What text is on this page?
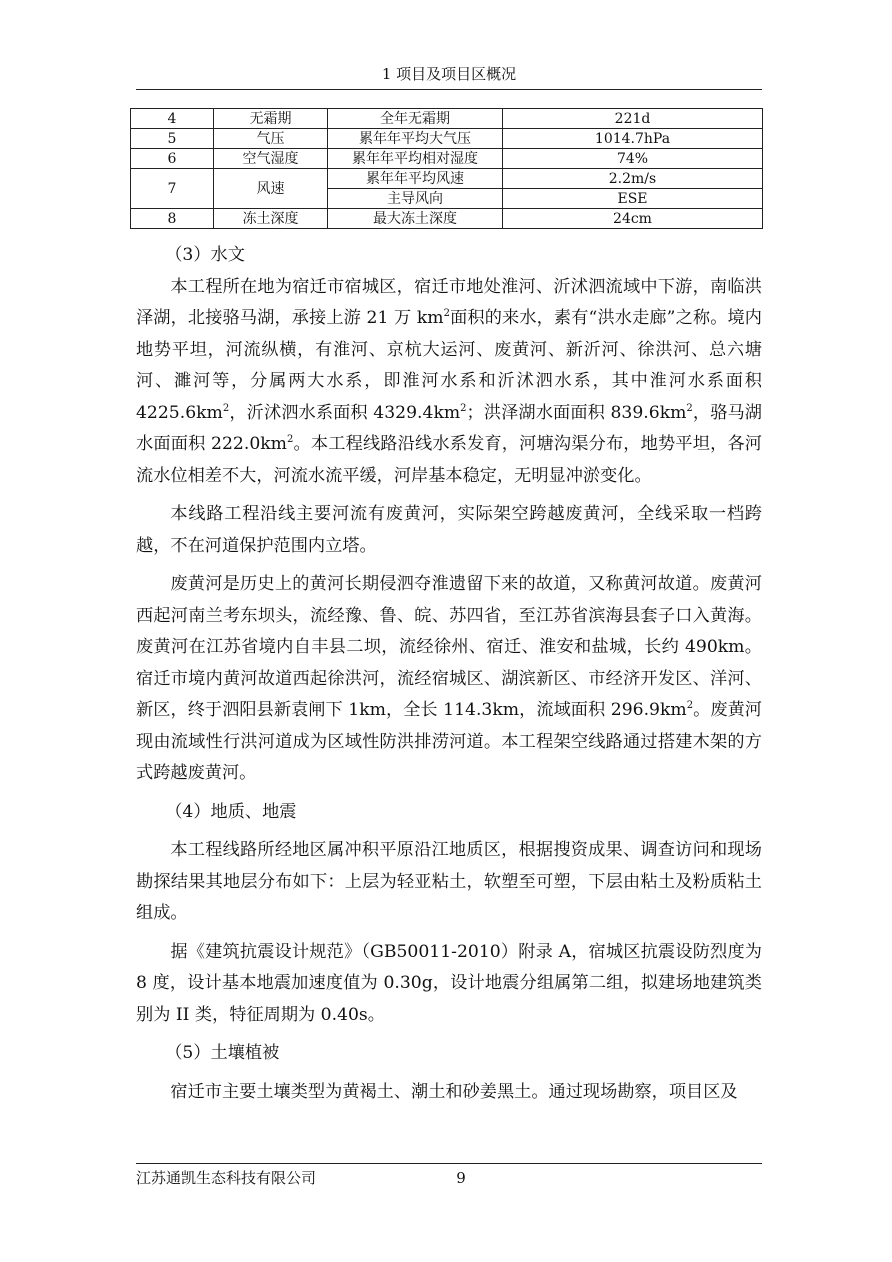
1 项目及项目区概况
4	无霜期	全年无霜期	221d
5	气压	累年年平均大气压	1014.7hPa
6	空气湿度	累年年平均相对湿度	74%
7	风速	累年年平均风速	2.2m/s
		主导风向	ESE
8	冻土深度	最大冻土深度	24cm

（3）水文

本工程所在地为宿迁市宿城区，宿迁市地处淮河、沂沭泗流域中下游，南临洪泽湖，北接骆马湖，承接上游 21 万 $km^2$面积的来水，素有“洪水走廊”之称。境内地势平坦，河流纵横，有淮河、京杭大运河、废黄河、新沂河、徐洪河、总六塘河、濉河等，分属两大水系，即淮河水系和沂沭泗水系，其中淮河水系面积 $4225.6km^2$，沂沭泗水系面积 $4329.4km^2$；洪泽湖水面面积 $839.6km^2$，骆马湖水面面积 $222.0km^2$。本工程线路沿线水系发育，河塘沟渠分布，地势平坦，各河流水位相差不大，河流水流平缓，河岸基本稳定，无明显冲淤变化。

本线路工程沿线主要河流有废黄河，实际架空跨越废黄河，全线采取一档跨越，不在河道保护范围内立塔。

废黄河是历史上的黄河长期侵泗夺淮遗留下来的故道，又称黄河故道。废黄河西起河南兰考东坝头，流经豫、鲁、皖、苏四省，至江苏省滨海县套子口入黄海。废黄河在江苏省境内自丰县二坝，流经徐州、宿迁、淮安和盐城，长约 490km。宿迁市境内黄河故道西起徐洪河，流经宿城区、湖滨新区、市经济开发区、洋河、新区，终于泗阳县新袁闸下 1km，全长 114.3km，流域面积 $296.9km^2$。废黄河现由流域性行洪河道成为区域性防洪排涝河道。本工程架空线路通过搭建木架的方式跨越废黄河。

（4）地质、地震

本工程线路所经地区属冲积平原沿江地质区，根据搜资成果、调查访问和现场勘探结果其地层分布如下：上层为轻亚粘土，软塑至可塑，下层由粘土及粉质粘土组成。

据《建筑抗震设计规范》（GB50011-2010）附录 A，宿城区抗震设防烈度为 8 度，设计基本地震加速度值为 0.30g，设计地震分组属第二组，拟建场地建筑类别为 II 类，特征周期为 0.40s。

（5）土壤植被

宿迁市主要土壤类型为黄褐土、潮土和砂姜黑土。通过现场勘察，项目区及

江苏通凯生态科技有限公司	9
